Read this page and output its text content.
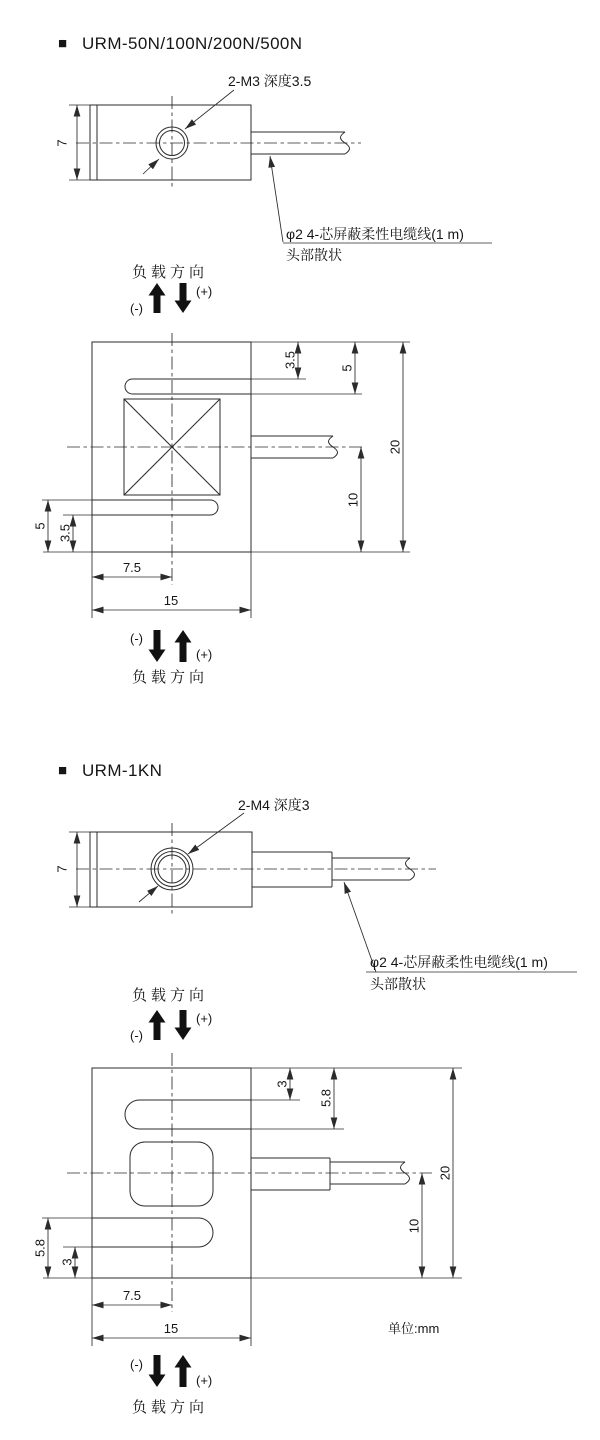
■ URM-50N/100N/200N/500N
7
2-M3 深度3.5
φ2 4-芯屏蔽柔性电缆线(1 m)
头部散状
负载方向
(-)
(+)
3.5	5
10
20
5 3.5
7.5
15
(-)
(+)
负载方向
■ URM-1KN
7
2-M4 深度3
φ2 4-芯屏蔽柔性电缆线(1 m)
头部散状
负载方向
(-)
(+)
3
5.8
10
20
5.8
3
7.5
15	单位:mm
(-)
(+)
负载方向
